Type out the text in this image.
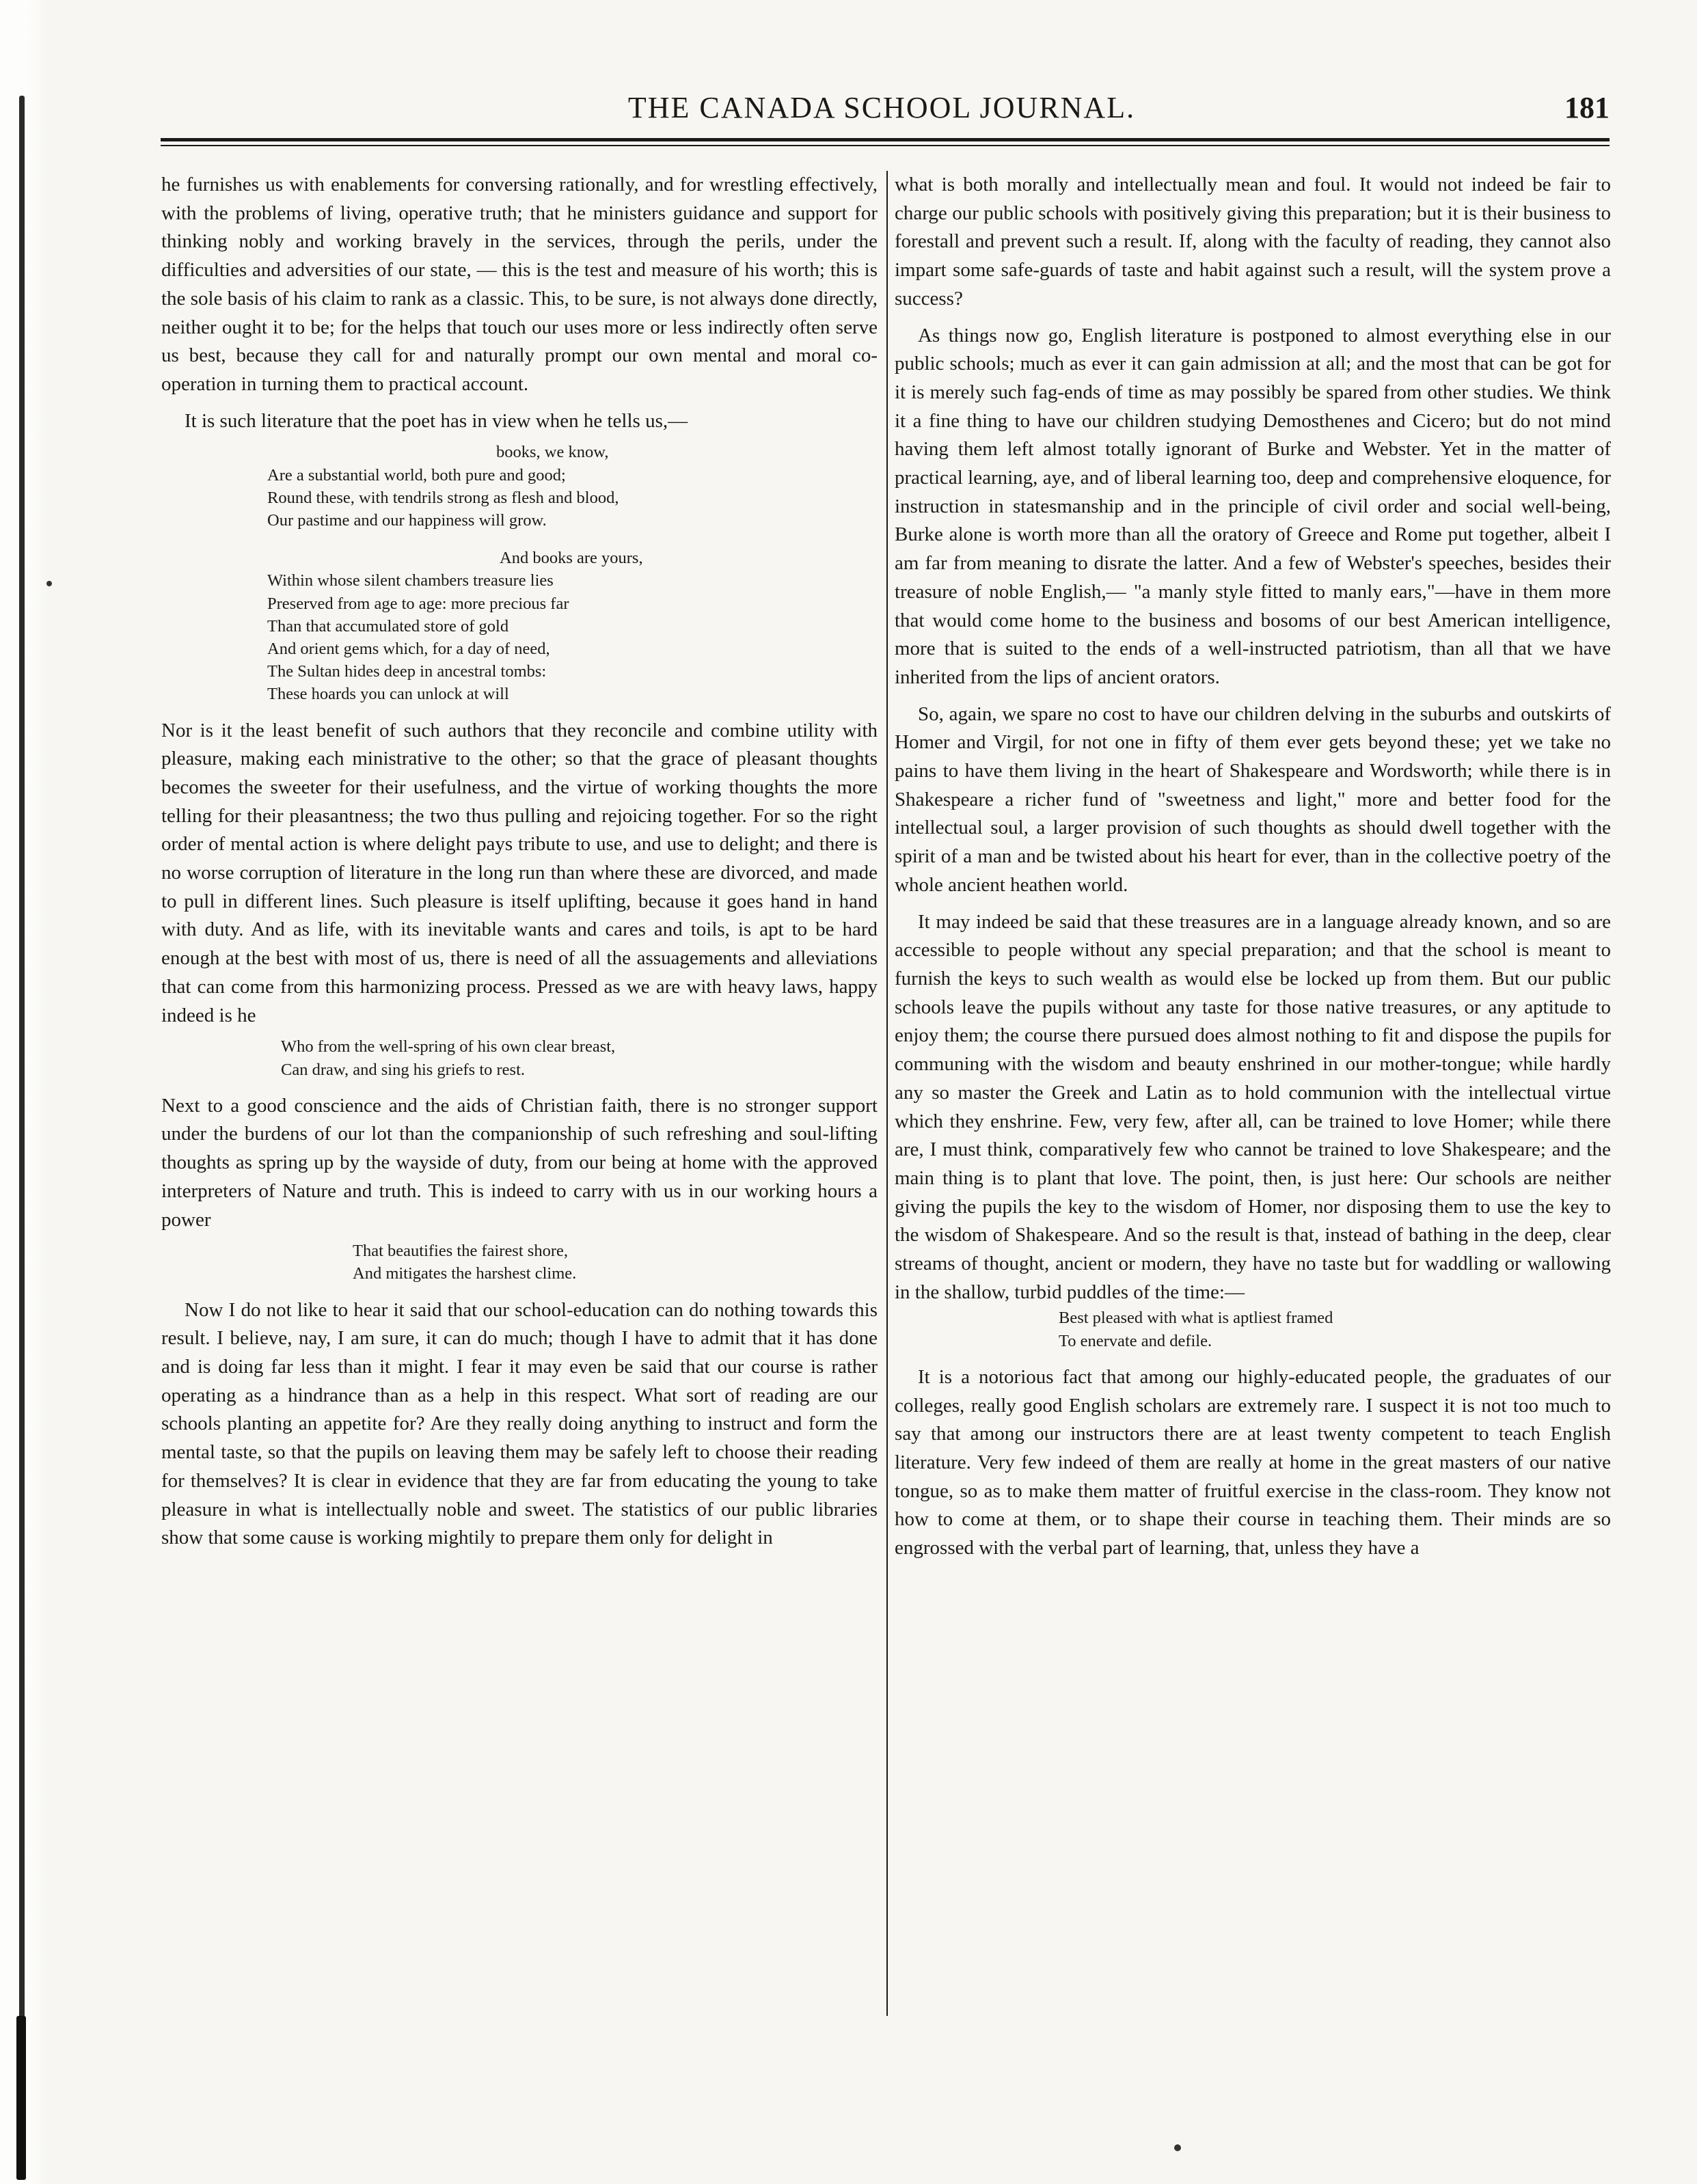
THE CANADA SCHOOL JOURNAL.	181

he furnishes us with enablements for conversing rationally, and for wrestling effectively, with the problems of living, operative truth; that he ministers guidance and support for thinking nobly and working bravely in the services, through the perils, under the difficulties and adversities of our state, — this is the test and measure of his worth; this is the sole basis of his claim to rank as a classic. This, to be sure, is not always done directly, neither ought it to be; for the helps that touch our uses more or less indirectly often serve us best, because they call for and naturally prompt our own mental and moral co-operation in turning them to practical account.

It is such literature that the poet has in view when he tells us,—

books, we know,
Are a substantial world, both pure and good;
Round these, with tendrils strong as flesh and blood,
Our pastime and our happiness will grow.
And books are yours,
Within whose silent chambers treasure lies
Preserved from age to age: more precious far
Than that accumulated store of gold
And orient gems which, for a day of need,
The Sultan hides deep in ancestral tombs:
These hoards you can unlock at will

Nor is it the least benefit of such authors that they reconcile and combine utility with pleasure, making each ministrative to the other; so that the grace of pleasant thoughts becomes the sweeter for their usefulness, and the virtue of working thoughts the more telling for their pleasantness; the two thus pulling and rejoicing together. For so the right order of mental action is where delight pays tribute to use, and use to delight; and there is no worse corruption of literature in the long run than where these are divorced, and made to pull in different lines. Such pleasure is itself uplifting, because it goes hand in hand with duty. And as life, with its inevitable wants and cares and toils, is apt to be hard enough at the best with most of us, there is need of all the assuagements and alleviations that can come from this harmonizing process. Pressed as we are with heavy laws, happy indeed is he

Who from the well-spring of his own clear breast,
Can draw, and sing his griefs to rest.

Next to a good conscience and the aids of Christian faith, there is no stronger support under the burdens of our lot than the companionship of such refreshing and soul-lifting thoughts as spring up by the wayside of duty, from our being at home with the approved interpreters of Nature and truth. This is indeed to carry with us in our working hours a power

That beautifies the fairest shore,
And mitigates the harshest clime.

Now I do not like to hear it said that our school-education can do nothing towards this result. I believe, nay, I am sure, it can do much; though I have to admit that it has done and is doing far less than it might. I fear it may even be said that our course is rather operating as a hindrance than as a help in this respect. What sort of reading are our schools planting an appetite for? Are they really doing anything to instruct and form the mental taste, so that the pupils on leaving them may be safely left to choose their reading for themselves? It is clear in evidence that they are far from educating the young to take pleasure in what is intellectually noble and sweet. The statistics of our public libraries show that some cause is working mightily to prepare them only for delight in

what is both morally and intellectually mean and foul. It would not indeed be fair to charge our public schools with positively giving this preparation; but it is their business to forestall and prevent such a result. If, along with the faculty of reading, they cannot also impart some safe-guards of taste and habit against such a result, will the system prove a success?

As things now go, English literature is postponed to almost everything else in our public schools; much as ever it can gain admission at all; and the most that can be got for it is merely such fag-ends of time as may possibly be spared from other studies. We think it a fine thing to have our children studying Demosthenes and Cicero; but do not mind having them left almost totally ignorant of Burke and Webster. Yet in the matter of practical learning, aye, and of liberal learning too, deep and comprehensive eloquence, for instruction in statesmanship and in the principle of civil order and social well-being, Burke alone is worth more than all the oratory of Greece and Rome put together, albeit I am far from meaning to disrate the latter. And a few of Webster's speeches, besides their treasure of noble English,— "a manly style fitted to manly ears,"—have in them more that would come home to the business and bosoms of our best American intelligence, more that is suited to the ends of a well-instructed patriotism, than all that we have inherited from the lips of ancient orators.

So, again, we spare no cost to have our children delving in the suburbs and outskirts of Homer and Virgil, for not one in fifty of them ever gets beyond these; yet we take no pains to have them living in the heart of Shakespeare and Wordsworth; while there is in Shakespeare a richer fund of "sweetness and light," more and better food for the intellectual soul, a larger provision of such thoughts as should dwell together with the spirit of a man and be twisted about his heart for ever, than in the collective poetry of the whole ancient heathen world.

It may indeed be said that these treasures are in a language already known, and so are accessible to people without any special preparation; and that the school is meant to furnish the keys to such wealth as would else be locked up from them. But our public schools leave the pupils without any taste for those native treasures, or any aptitude to enjoy them; the course there pursued does almost nothing to fit and dispose the pupils for communing with the wisdom and beauty enshrined in our mother-tongue; while hardly any so master the Greek and Latin as to hold communion with the intellectual virtue which they enshrine. Few, very few, after all, can be trained to love Homer; while there are, I must think, comparatively few who cannot be trained to love Shakespeare; and the main thing is to plant that love. The point, then, is just here: Our schools are neither giving the pupils the key to the wisdom of Homer, nor disposing them to use the key to the wisdom of Shakespeare. And so the result is that, instead of bathing in the deep, clear streams of thought, ancient or modern, they have no taste but for waddling or wallowing in the shallow, turbid puddles of the time:—

Best pleased with what is aptliest framed
To enervate and defile.

It is a notorious fact that among our highly-educated people, the graduates of our colleges, really good English scholars are extremely rare. I suspect it is not too much to say that among our instructors there are at least twenty competent to teach English literature. Very few indeed of them are really at home in the great masters of our native tongue, so as to make them matter of fruitful exercise in the class-room. They know not how to come at them, or to shape their course in teaching them. Their minds are so engrossed with the verbal part of learning, that, unless they have a
